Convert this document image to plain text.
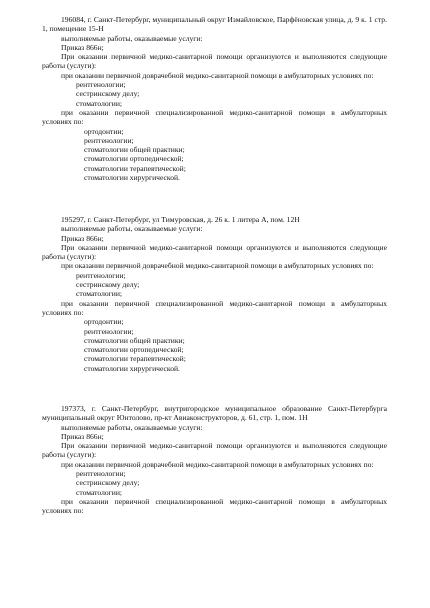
196084, г. Санкт-Петербург, муниципальный округ Измайловское, Парфёновская улица, д. 9 к. 1 стр. 1, помещение 15-Н

выполняемые работы, оказываемые услуги:

Приказ 866н;

При оказании первичной медико-санитарной помощи организуются и выполняются следующие работы (услуги):

при оказании первичной доврачебной медико-санитарной помощи в амбулаторных условиях по:

рентгенологии;

сестринскому делу;

стоматологии;

при оказании первичной специализированной медико-санитарной помощи в амбулаторных условиях по:

ортодонтии;

рентгенологии;

стоматологии общей практики;

стоматологии ортопедической;

стоматологии терапевтической;

стоматологии хирургической.

195297, г. Санкт-Петербург, ул Тимуровская, д. 26 к. 1 литера А, пом. 12Н

выполняемые работы, оказываемые услуги:

Приказ 866н;

При оказании первичной медико-санитарной помощи организуются и выполняются следующие работы (услуги):

при оказании первичной доврачебной медико-санитарной помощи в амбулаторных условиях по:

рентгенологии;

сестринскому делу;

стоматологии;

при оказании первичной специализированной медико-санитарной помощи в амбулаторных условиях по:

ортодонтии;

рентгенологии;

стоматологии общей практики;

стоматологии ортопедической;

стоматологии терапевтической;

стоматологии хирургической.

197373, г. Санкт-Петербург, внутригородское муниципальное образование Санкт-Петербурга муниципальный округ Юнтолово, пр-кт Авиаконструкторов, д. 61, стр. 1, пом. 1Н

выполняемые работы, оказываемые услуги:

Приказ 866н;

При оказании первичной медико-санитарной помощи организуются и выполняются следующие работы (услуги):

при оказании первичной доврачебной медико-санитарной помощи в амбулаторных условиях по:

рентгенологии;

сестринскому делу;

стоматологии;

при оказании первичной специализированной медико-санитарной помощи в амбулаторных условиях по:
